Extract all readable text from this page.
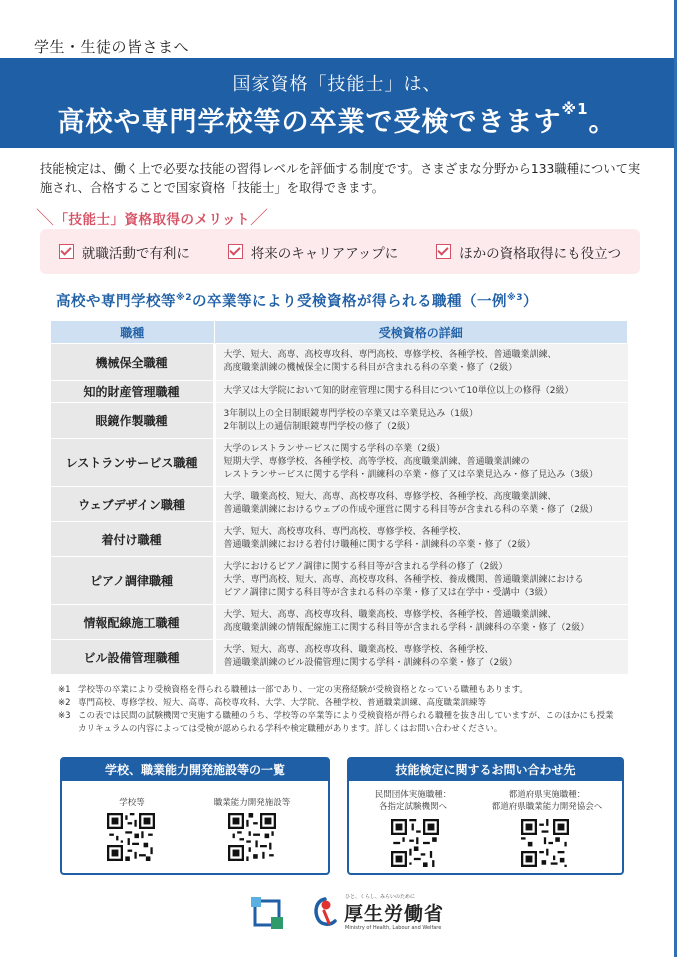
学生・生徒の皆さまへ
国家資格「技能士」は、
高校や専門学校等の卒業で受検できます$^{※1}$。
技能検定は、働く上で必要な技能の習得レベルを評価する制度です。さまざまな分野から133職種について実施され、合格することで国家資格「技能士」を取得できます。
＼「技能士」資格取得のメリット／
就職活動で有利に	将来のキャリアアップに	ほかの資格取得にも役立つ
高校や専門学校等$^{※2}$の卒業等により受検資格が得られる職種（一例$^{※3}$）
職種	受検資格の詳細
機械保全職種	大学、短大、高専、高校専攻科、専門高校、専修学校、各種学校、普通職業訓練、
高度職業訓練の機械保全に関する科目が含まれる科の卒業・修了（2級）
知的財産管理職種	大学又は大学院において知的財産管理に関する科目について10単位以上の修得（2級）
眼鏡作製職種	3年制以上の全日制眼鏡専門学校の卒業又は卒業見込み（1級）
2年制以上の通信制眼鏡専門学校の修了（2級）
レストランサービス職種	大学のレストランサービスに関する学科の卒業（2級）
短期大学、専修学校、各種学校、高等学校、高度職業訓練、普通職業訓練の
レストランサービスに関する学科・訓練科の卒業・修了又は卒業見込み・修了見込み（3級）
ウェブデザイン職種	大学、職業高校、短大、高専、高校専攻科、専修学校、各種学校、高度職業訓練、
普通職業訓練におけるウェブの作成や運営に関する科目等が含まれる科の卒業・修了（2級）
着付け職種	大学、短大、高校専攻科、専門高校、専修学校、各種学校、
普通職業訓練における着付け職種に関する学科・訓練科の卒業・修了（2級）
ピアノ調律職種	大学におけるピアノ調律に関する科目等が含まれる学科の修了（2級）
大学、専門高校、短大、高専、高校専攻科、各種学校、養成機関、普通職業訓練における
ピアノ調律に関する科目等が含まれる科の卒業・修了又は在学中・受講中（3級）
情報配線施工職種	大学、短大、高専、高校専攻科、職業高校、専修学校、各種学校、普通職業訓練、
高度職業訓練の情報配線施工に関する科目等が含まれる学科・訓練科の卒業・修了（2級）
ビル設備管理職種	大学、短大、高専、高校専攻科、職業高校、専修学校、各種学校、
普通職業訓練のビル設備管理に関する学科・訓練科の卒業・修了（2級）
※1 学校等の卒業により受検資格を得られる職種は一部であり、一定の実務経験が受検資格となっている職種もあります。
※2 専門高校、専修学校、短大、高専、高校専攻科、大学、大学院、各種学校、普通職業訓練、高度職業訓練等
※3 この表では民間の試験機関で実施する職種のうち、学校等の卒業等により受検資格が得られる職種を抜き出していますが、このほかにも授業カリキュラムの内容によっては受検が認められる学科や検定職種があります。詳しくはお問い合わせください。
学校、職業能力開発施設等の一覧
学校等	職業能力開発施設等
技能検定に関するお問い合わせ先
民間団体実施職種：
各指定試験機関へ
都道府県実施職種：
都道府県職業能力開発協会へ
厚生労働省
ひと、くらし、みらいのために
Ministry of Health, Labour and Welfare
